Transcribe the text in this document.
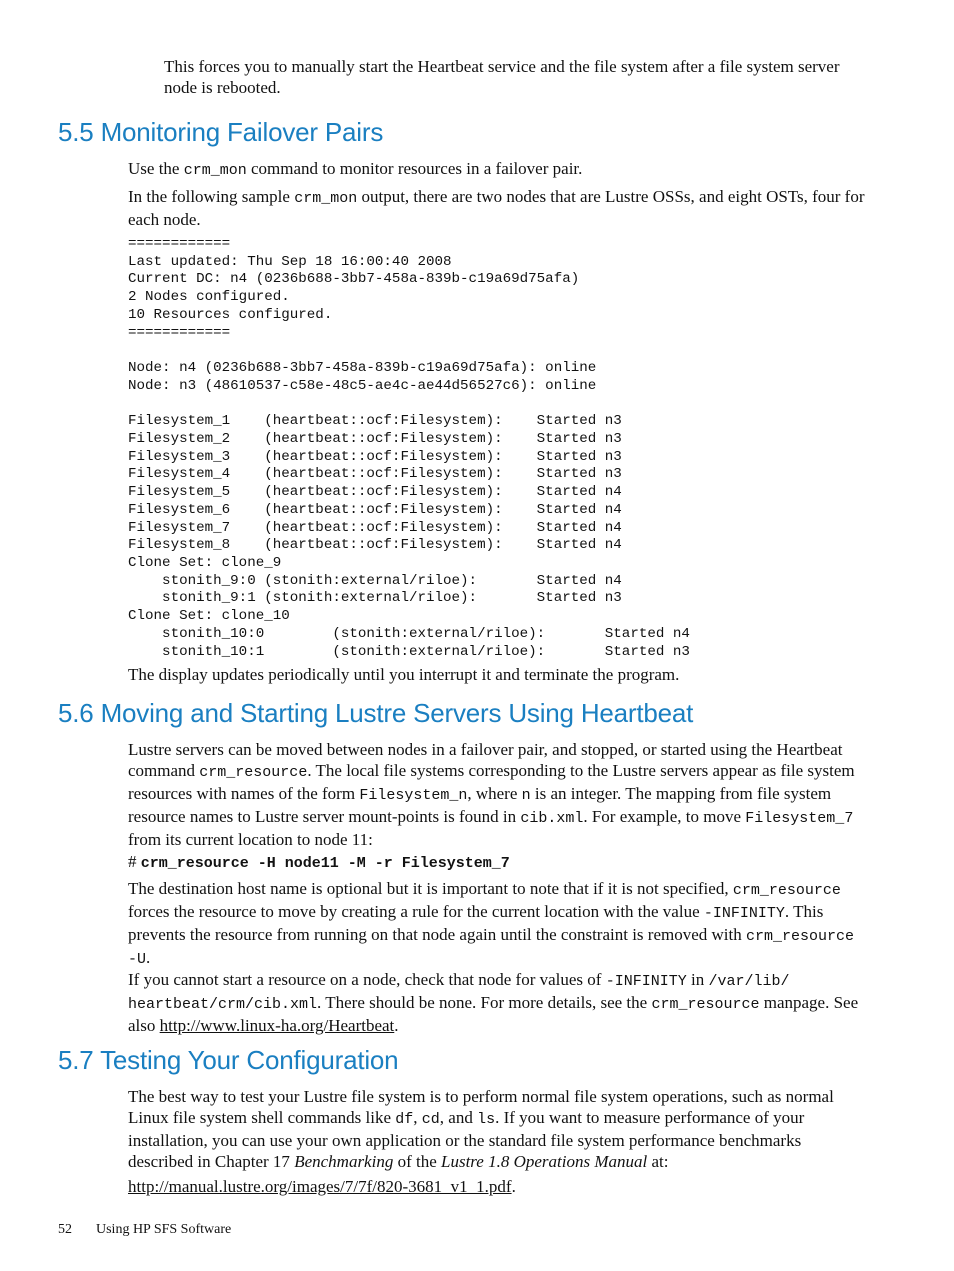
This forces you to manually start the Heartbeat service and the file system after a file system server node is rebooted.

5.5 Monitoring Failover Pairs

Use the crm_mon command to monitor resources in a failover pair.

In the following sample crm_mon output, there are two nodes that are Lustre OSSs, and eight OSTs, four for each node.

============
Last updated: Thu Sep 18 16:00:40 2008
Current DC: n4 (0236b688-3bb7-458a-839b-c19a69d75afa)
2 Nodes configured.
10 Resources configured.
============

Node: n4 (0236b688-3bb7-458a-839b-c19a69d75afa): online
Node: n3 (48610537-c58e-48c5-ae4c-ae44d56527c6): online

Filesystem_1    (heartbeat::ocf:Filesystem):    Started n3
Filesystem_2    (heartbeat::ocf:Filesystem):    Started n3
Filesystem_3    (heartbeat::ocf:Filesystem):    Started n3
Filesystem_4    (heartbeat::ocf:Filesystem):    Started n3
Filesystem_5    (heartbeat::ocf:Filesystem):    Started n4
Filesystem_6    (heartbeat::ocf:Filesystem):    Started n4
Filesystem_7    (heartbeat::ocf:Filesystem):    Started n4
Filesystem_8    (heartbeat::ocf:Filesystem):    Started n4
Clone Set: clone_9
stonith_9:0 (stonith:external/riloe):       Started n4
stonith_9:1 (stonith:external/riloe):       Started n3
Clone Set: clone_10
stonith_10:0        (stonith:external/riloe):       Started n4
stonith_10:1        (stonith:external/riloe):       Started n3

The display updates periodically until you interrupt it and terminate the program.

5.6 Moving and Starting Lustre Servers Using Heartbeat

Lustre servers can be moved between nodes in a failover pair, and stopped, or started using the Heartbeat command crm_resource. The local file systems corresponding to the Lustre servers appear as file system resources with names of the form Filesystem_n, where n is an integer. The mapping from file system resource names to Lustre server mount-points is found in cib.xml. For example, to move Filesystem_7 from its current location to node 11:

# crm_resource -H node11 -M -r Filesystem_7

The destination host name is optional but it is important to note that if it is not specified, crm_resource forces the resource to move by creating a rule for the current location with the value -INFINITY. This prevents the resource from running on that node again until the constraint is removed with crm_resource -U.

If you cannot start a resource on a node, check that node for values of -INFINITY in /var/lib/ heartbeat/crm/cib.xml. There should be none. For more details, see the crm_resource manpage. See also http://www.linux-ha.org/Heartbeat.

5.7 Testing Your Configuration

The best way to test your Lustre file system is to perform normal file system operations, such as normal Linux file system shell commands like df, cd, and ls. If you want to measure performance of your installation, you can use your own application or the standard file system performance benchmarks described in Chapter 17 Benchmarking of the Lustre 1.8 Operations Manual at:

http://manual.lustre.org/images/7/7f/820-3681_v1_1.pdf.

52 Using HP SFS Software
